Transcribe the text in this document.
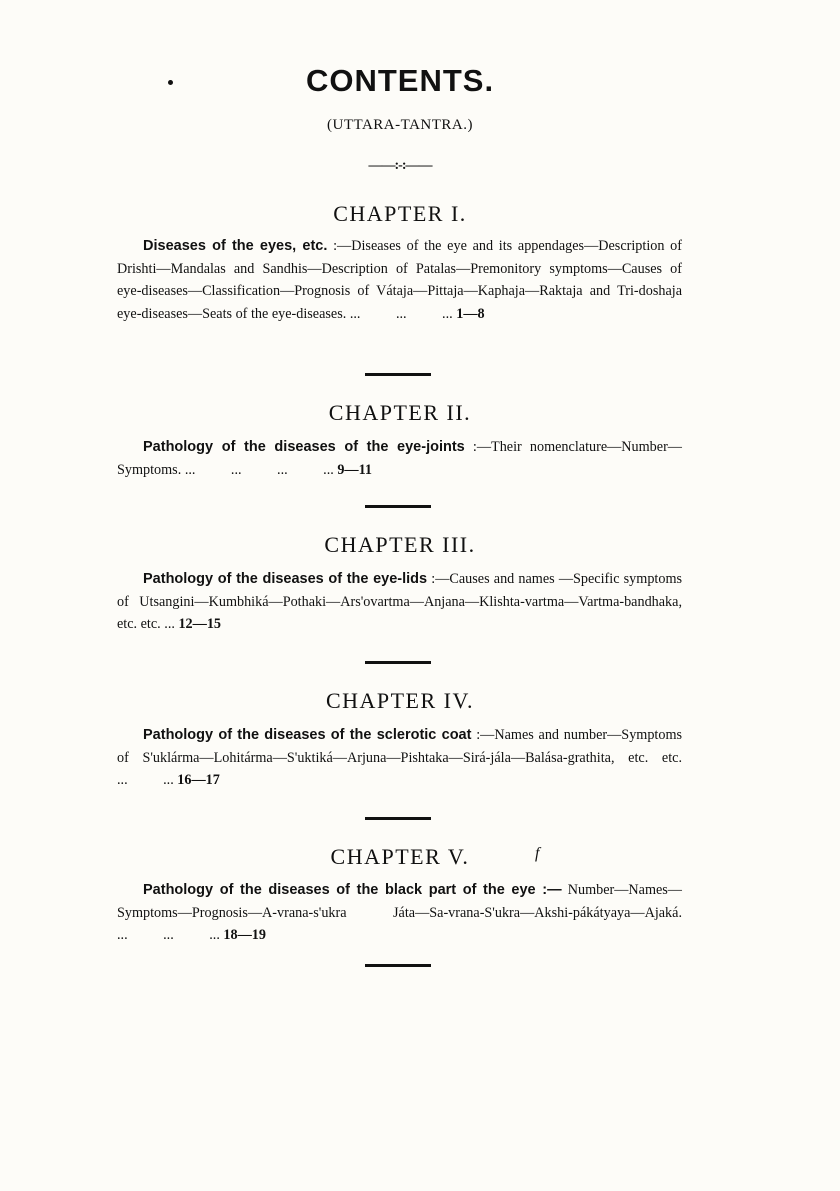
CONTENTS.
(UTTARA-TANTRA.)
——:-:——
CHAPTER I.
Diseases of the eyes, etc. :—Diseases of the eye and its appendages—Description of Drishti—Mandalas and Sandhis—Description of Patalas—Premonitory symptoms—Causes of eye-diseases—Classification—Prognosis of Vátaja—Pittaja—Kaphaja—Raktaja and Tri-doshaja eye-diseases—Seats of the eye-diseases. ...          ...          ... 1—8
CHAPTER II.
Pathology of the diseases of the eye-joints :—Their nomenclature—Number—Symptoms. ...          ...          ...          ... 9—11
CHAPTER III.
Pathology of the diseases of the eye-lids :—Causes and names —Specific symptoms of Utsangini—Kumbhiká—Pothaki—Ars'ovartma—Anjana—Klishta-vartma—Vartma-bandhaka, etc. etc. ... 12—15
CHAPTER IV.
Pathology of the diseases of the sclerotic coat :—Names and number—Symptoms of S'uklárma—Lohitárma—S'uktiká—Arjuna—Pishtaka—Sirá-jála—Balása-grathita, etc. etc. ...          ... 16—17
CHAPTER V.	f
Pathology of the diseases of the black part of the eye :— Number—Names—Symptoms—Prognosis—A-vrana-s'ukra Játa—Sa-vrana-S'ukra—Akshi-pákátyaya—Ajaká. ...          ...          ... 18—19
